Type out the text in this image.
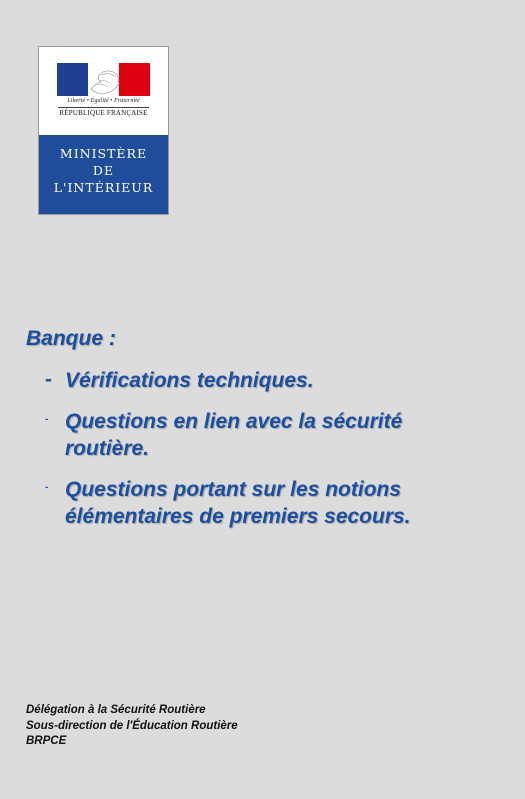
Liberté • Égalité • Fraternité
RÉPUBLIQUE FRANÇAISE
MINISTÈRE
DE
L'INTÉRIEUR
Banque :
- Vérifications techniques.
- Questions en lien avec la sécurité routière.
- Questions portant sur les notions élémentaires de premiers secours.
Délégation à la Sécurité Routière
Sous-direction de l'Éducation Routière
BRPCE
